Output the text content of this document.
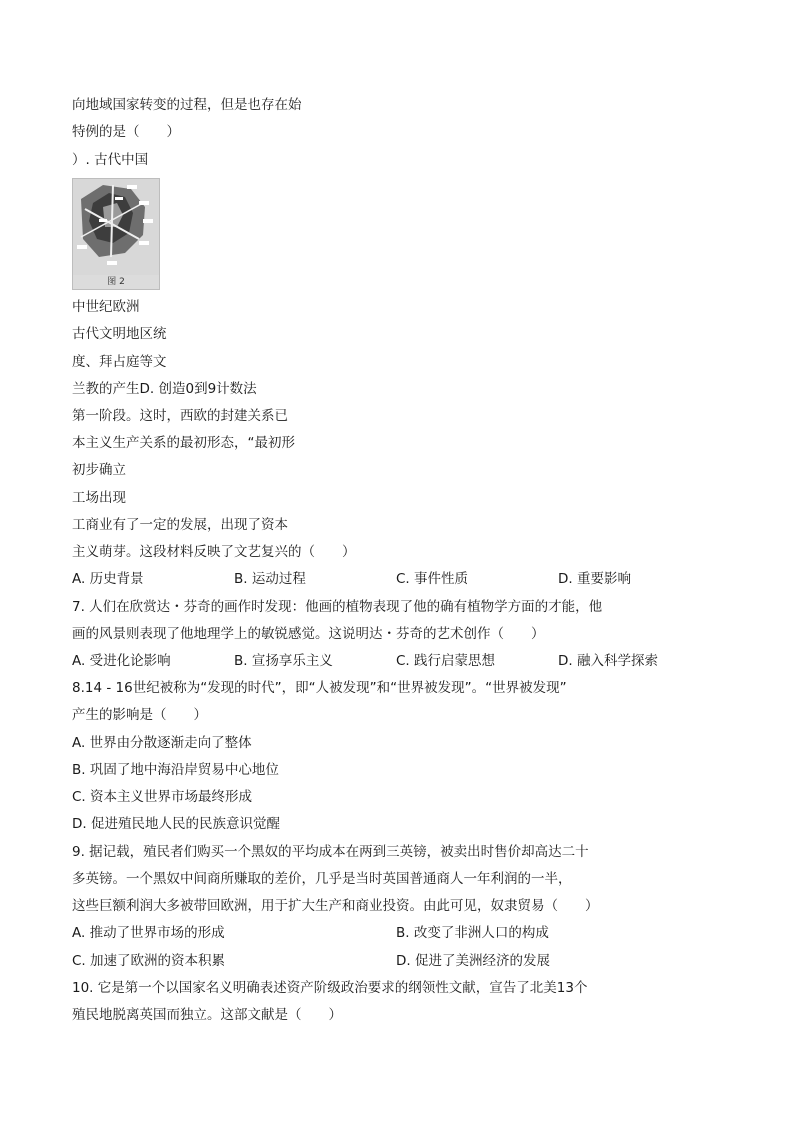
向地域国家转变的过程，但是也存在始
特例的是（　　）
）. 古代中国
图 2
中世纪欧洲
古代文明地区统
度、拜占庭等文
兰教的产生D. 创造0到9计数法
第一阶段。这时，西欧的封建关系已
本主义生产关系的最初形态，“最初形
初步确立
工场出现
工商业有了一定的发展，出现了资本
主义萌芽。这段材料反映了文艺复兴的（　　）
A. 历史背景	B. 运动过程	C. 事件性质	D. 重要影响
7. 人们在欣赏达・芬奇的画作时发现：他画的植物表现了他的确有植物学方面的才能，他
画的风景则表现了他地理学上的敏锐感觉。这说明达・芬奇的艺术创作（　　）
A. 受进化论影响	B. 宣扬享乐主义	C. 践行启蒙思想	D. 融入科学探索
8.14 - 16世纪被称为“发现的时代”，即“人被发现”和“世界被发现”。“世界被发现”
产生的影响是（　　）
A. 世界由分散逐渐走向了整体
B. 巩固了地中海沿岸贸易中心地位
C. 资本主义世界市场最终形成
D. 促进殖民地人民的民族意识觉醒
9. 据记载，殖民者们购买一个黑奴的平均成本在两到三英镑，被卖出时售价却高达二十
多英镑。一个黑奴中间商所赚取的差价，几乎是当时英国普通商人一年利润的一半，
这些巨额利润大多被带回欧洲，用于扩大生产和商业投资。由此可见，奴隶贸易（　　）
A. 推动了世界市场的形成	B. 改变了非洲人口的构成
C. 加速了欧洲的资本积累	D. 促进了美洲经济的发展
10. 它是第一个以国家名义明确表述资产阶级政治要求的纲领性文献，宣告了北美13个
殖民地脱离英国而独立。这部文献是（　　）
